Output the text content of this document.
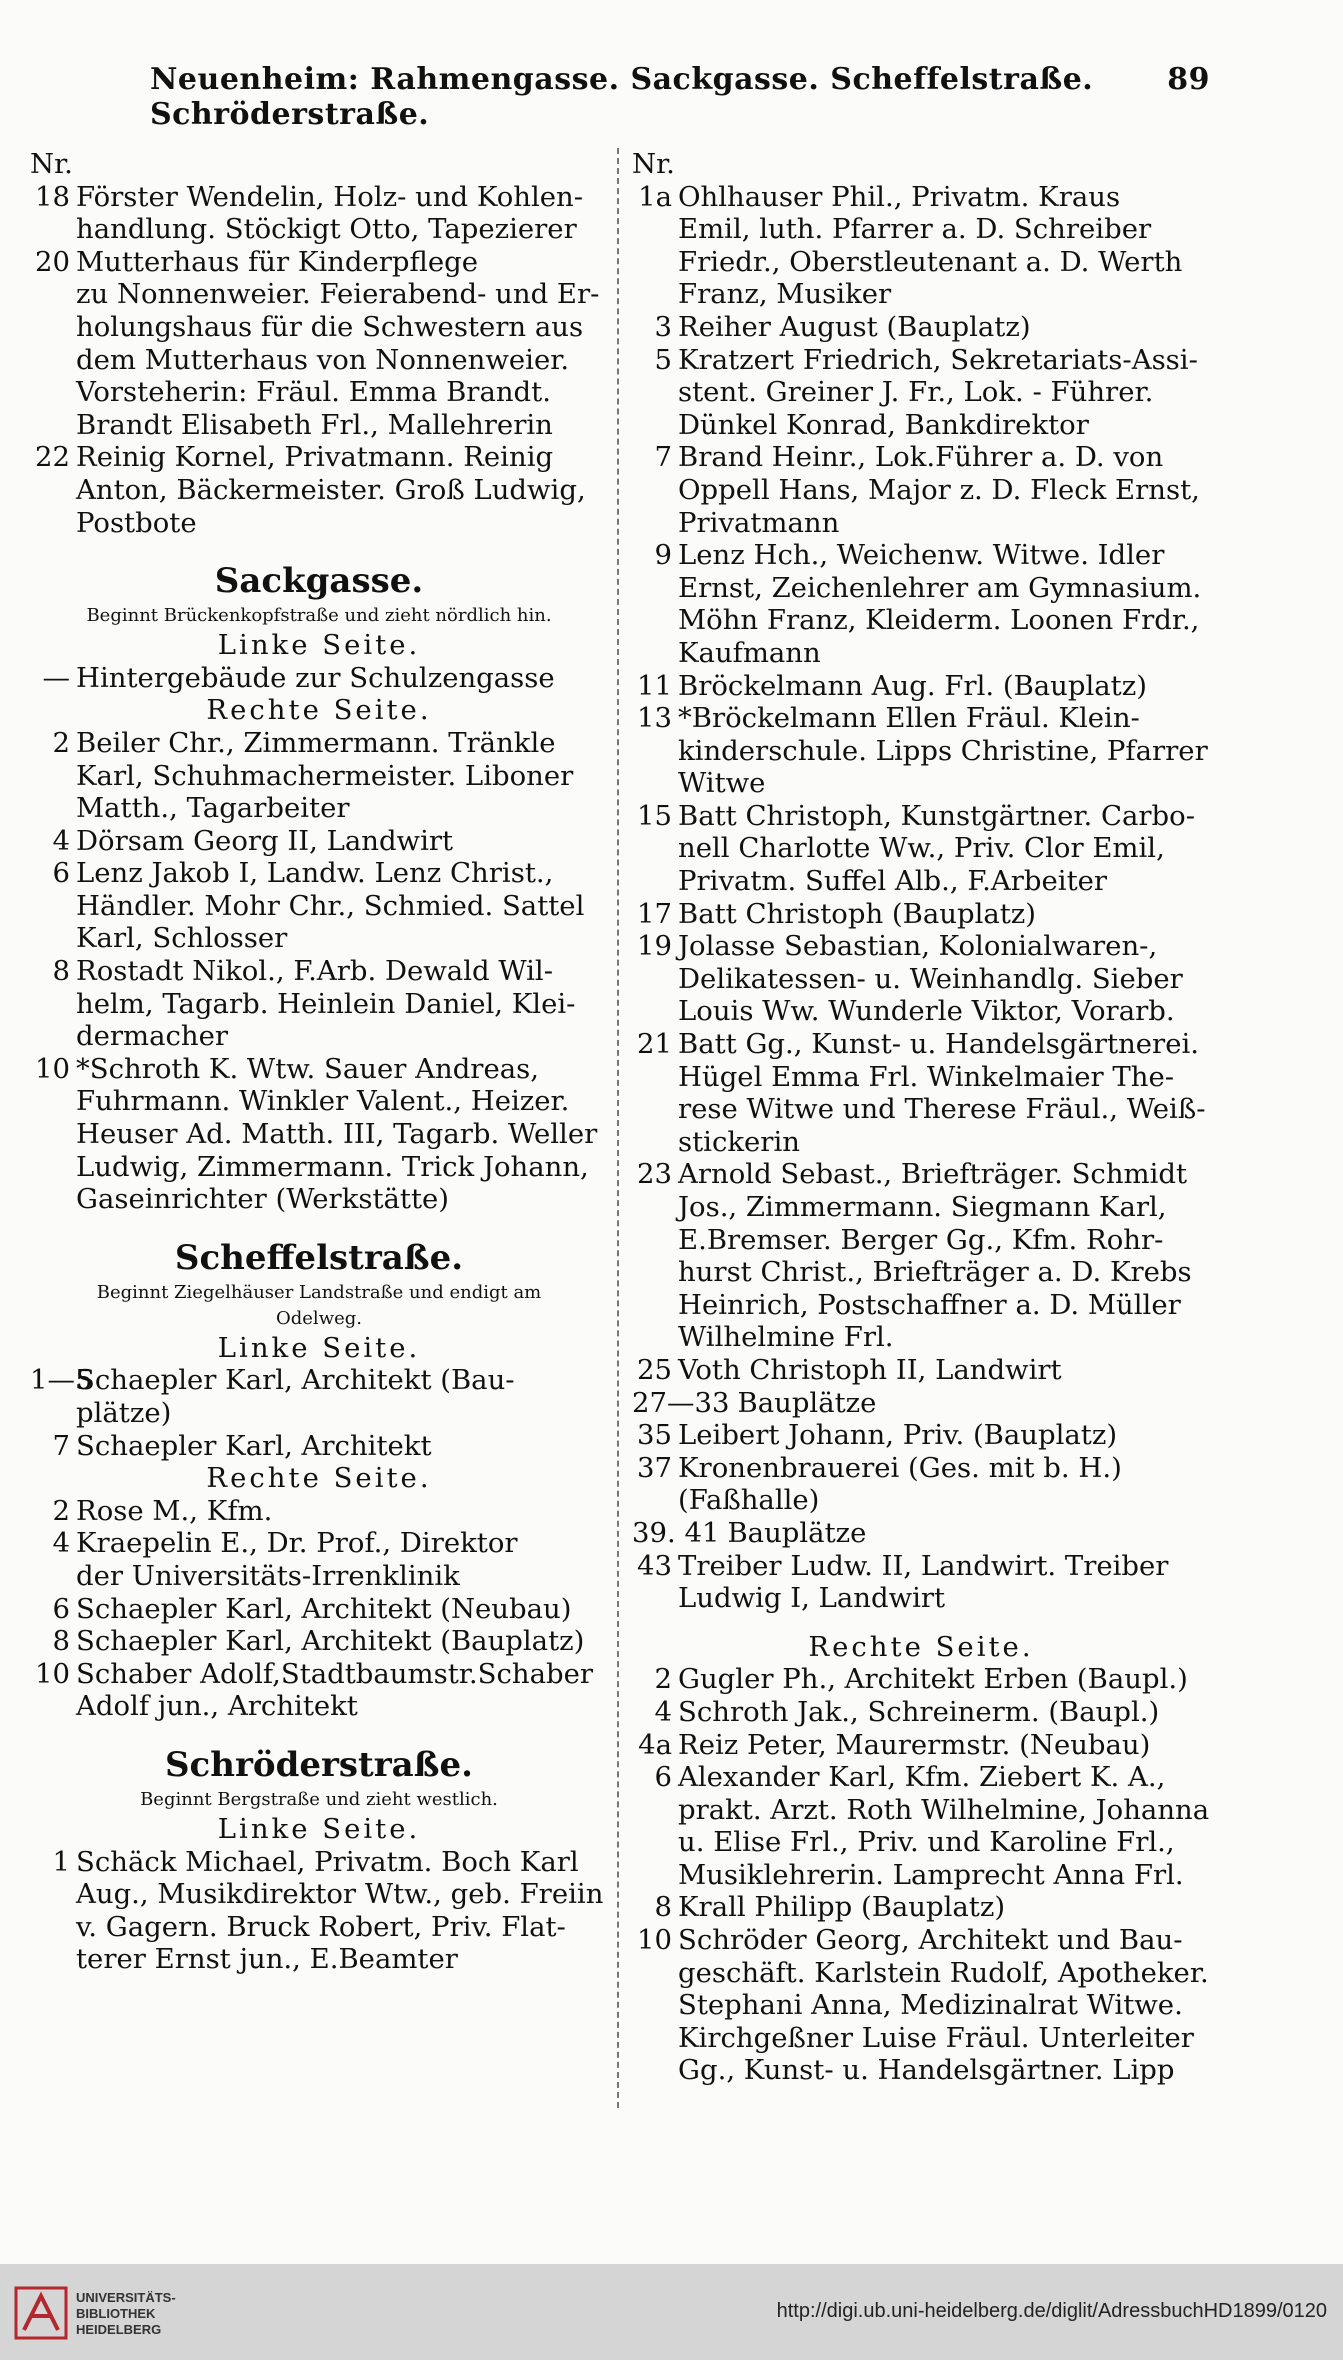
Neuenheim: Rahmengasse. Sackgasse. Scheffelstraße. Schröderstraße.
89
Nr.
18 Förster Wendelin, Holz- und Kohlen-
handlung. Stöckigt Otto, Tapezierer
20 Mutterhaus für Kinderpflege
zu Nonnenweier. Feierabend- und Er-
holungshaus für die Schwestern aus
dem Mutterhaus von Nonnenweier.
Vorsteherin: Fräul. Emma Brandt.
Brandt Elisabeth Frl., Mallehrerin
22 Reinig Kornel, Privatmann. Reinig
Anton, Bäckermeister. Groß Ludwig,
Postbote
Sackgasse.
Beginnt Brückenkopfstraße und zieht nördlich hin.
Linke Seite.
— Hintergebäude zur Schulzengasse
Rechte Seite.
2 Beiler Chr., Zimmermann. Tränkle
Karl, Schuhmachermeister. Liboner
Matth., Tagarbeiter
4 Dörsam Georg II, Landwirt
6 Lenz Jakob I, Landw. Lenz Christ.,
Händler. Mohr Chr., Schmied. Sattel
Karl, Schlosser
8 Rostadt Nikol., F.Arb. Dewald Wil-
helm, Tagarb. Heinlein Daniel, Klei-
dermacher
10 *Schroth K. Wtw. Sauer Andreas,
Fuhrmann. Winkler Valent., Heizer.
Heuser Ad. Matth. III, Tagarb. Weller
Ludwig, Zimmermann. Trick Johann,
Gaseinrichter (Werkstätte)
Scheffelstraße.
Beginnt Ziegelhäuser Landstraße und endigt am
Odelweg.
Linke Seite.
1—5Schaepler Karl, Architekt (Bau-
plätze)
7 Schaepler Karl, Architekt
Rechte Seite.
2 Rose M., Kfm.
4 Kraepelin E., Dr. Prof., Direktor
der Universitäts-Irrenklinik
6 Schaepler Karl, Architekt (Neubau)
8 Schaepler Karl, Architekt (Bauplatz)
10 Schaber Adolf,Stadtbaumstr.Schaber
Adolf jun., Architekt
Schröderstraße.
Beginnt Bergstraße und zieht westlich.
Linke Seite.
1 Schäck Michael, Privatm. Boch Karl
Aug., Musikdirektor Wtw., geb. Freiin
v. Gagern. Bruck Robert, Priv. Flat-
terer Ernst jun., E.Beamter
Nr.
1a Ohlhauser Phil., Privatm. Kraus
Emil, luth. Pfarrer a. D. Schreiber
Friedr., Oberstleutenant a. D. Werth
Franz, Musiker
3 Reiher August (Bauplatz)
5 Kratzert Friedrich, Sekretariats-Assi-
stent. Greiner J. Fr., Lok. - Führer.
Dünkel Konrad, Bankdirektor
7 Brand Heinr., Lok.Führer a. D. von
Oppell Hans, Major z. D. Fleck Ernst,
Privatmann
9 Lenz Hch., Weichenw. Witwe. Idler
Ernst, Zeichenlehrer am Gymnasium.
Möhn Franz, Kleiderm. Loonen Frdr.,
Kaufmann
11 Bröckelmann Aug. Frl. (Bauplatz)
13 *Bröckelmann Ellen Fräul. Klein-
kinderschule. Lipps Christine, Pfarrer
Witwe
15 Batt Christoph, Kunstgärtner. Carbo-
nell Charlotte Ww., Priv. Clor Emil,
Privatm. Suffel Alb., F.Arbeiter
17 Batt Christoph (Bauplatz)
19 Jolasse Sebastian, Kolonialwaren-,
Delikatessen- u. Weinhandlg. Sieber
Louis Ww. Wunderle Viktor, Vorarb.
21 Batt Gg., Kunst- u. Handelsgärtnerei.
Hügel Emma Frl. Winkelmaier The-
rese Witwe und Therese Fräul., Weiß-
stickerin
23 Arnold Sebast., Briefträger. Schmidt
Jos., Zimmermann. Siegmann Karl,
E.Bremser. Berger Gg., Kfm. Rohr-
hurst Christ., Briefträger a. D. Krebs
Heinrich, Postschaffner a. D. Müller
Wilhelmine Frl.
25 Voth Christoph II, Landwirt
27—33 Bauplätze
35 Leibert Johann, Priv. (Bauplatz)
37 Kronenbrauerei (Ges. mit b. H.)
(Faßhalle)
39. 41 Bauplätze
43 Treiber Ludw. II, Landwirt. Treiber
Ludwig I, Landwirt
Rechte Seite.
2 Gugler Ph., Architekt Erben (Baupl.)
4 Schroth Jak., Schreinerm. (Baupl.)
4a Reiz Peter, Maurermstr. (Neubau)
6 Alexander Karl, Kfm. Ziebert K. A.,
prakt. Arzt. Roth Wilhelmine, Johanna
u. Elise Frl., Priv. und Karoline Frl.,
Musiklehrerin. Lamprecht Anna Frl.
8 Krall Philipp (Bauplatz)
10 Schröder Georg, Architekt und Bau-
geschäft. Karlstein Rudolf, Apotheker.
Stephani Anna, Medizinalrat Witwe.
Kirchgeßner Luise Fräul. Unterleiter
Gg., Kunst- u. Handelsgärtner. Lipp
UNIVERSITÄTS-
BIBLIOTHEK
HEIDELBERG
http://digi.ub.uni-heidelberg.de/diglit/AdressbuchHD1899/0120
